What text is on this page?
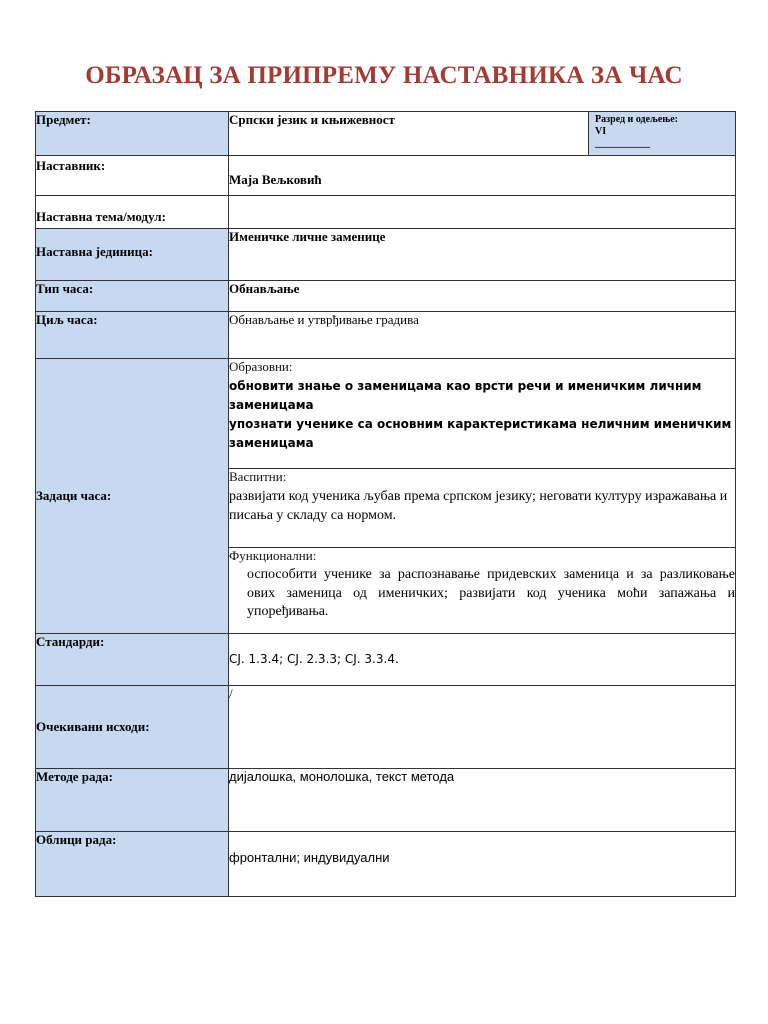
ОБРАЗАЦ ЗА ПРИПРЕМУ НАСТАВНИКА ЗА ЧАС
Предмет:	Српски језик и књижевност	Разред и одељење:
VI
___________

Наставник:	Маја Вељковић	
Наставна тема/модул:		
Наставна јединица:	Именичке личне заменице	
Тип часа:	Обнављање	
Циљ часа:	Обнављање и утврђивање градива	
Задаци часа:	Образовни:
обновити знање о заменицама као врсти речи и именичким личним заменицама
упознати ученике са основним карактеристикама неличним именичким заменицама	

	Васпитни:
развијати код ученика љубав према српском језику; неговати културу изражавања и писања у складу са нормом.	

	Функционални:
оспособити ученике за распознавање придевских заменица и за разликовање ових заменица од именичких; развијати код ученика моћи запажања и упоређивања.	

Стандарди:	CJ. 1.3.4; CJ. 2.3.3; CJ. 3.3.4.	

Очекивани исходи:	/	
Методе рада:	дијалошка, монолошка, текст метода	
Облици рада:	фронтални; индувидуални	
